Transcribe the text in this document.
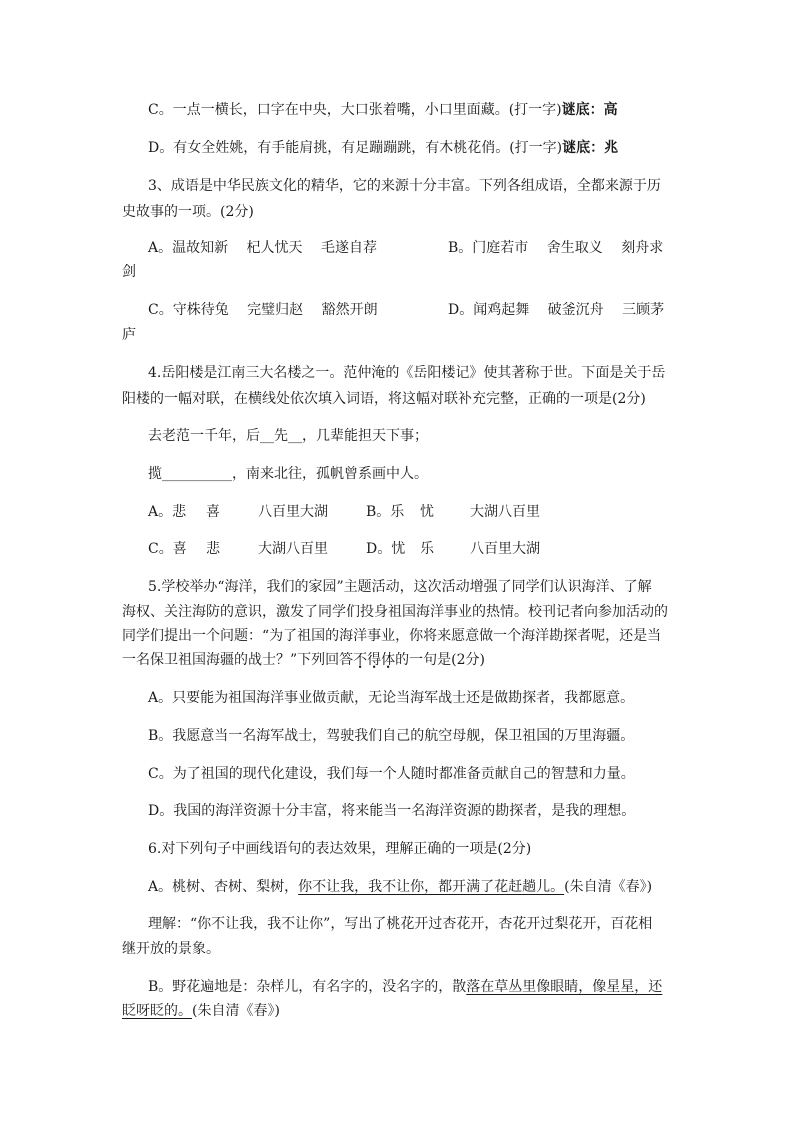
C。一点一横长，口字在中央，大口张着嘴，小口里面藏。(打一字)谜底：高
D。有女全姓姚，有手能肩挑，有足蹦蹦跳，有木桃花俏。(打一字)谜底：兆
3、成语是中华民族文化的精华，它的来源十分丰富。下列各组成语，全都来源于历
史故事的一项。(2分)
A。温故知新　 杞人忧天　 毛遂自荐	B。门庭若市　 舍生取义　 刻舟求
剑
C。守株待兔　 完璧归赵　 豁然开朗	D。闻鸡起舞　 破釜沉舟　 三顾茅
庐
4.岳阳楼是江南三大名楼之一。范仲淹的《岳阳楼记》使其著称于世。下面是关于岳
阳楼的一幅对联，在横线处依次填入词语，将这幅对联补充完整，正确的一项是(2分)
去老范一千年，后__先__，几辈能担天下事；
揽__________，南来北往，孤帆曾系画中人。
A。悲 喜	八百里大湖	B。乐 忧	大湖八百里
C。喜 悲	大湖八百里	D。忧 乐	八百里大湖
5.学校举办“海洋，我们的家园”主题活动，这次活动增强了同学们认识海洋、了解
海权、关注海防的意识，激发了同学们投身祖国海洋事业的热情。校刊记者向参加活动的
同学们提出一个问题：“为了祖国的海洋事业，你将来愿意做一个海洋勘探者呢，还是当
一名保卫祖国海疆的战士？”下列回答不得体的一句是(2分)
A。只要能为祖国海洋事业做贡献，无论当海军战士还是做勘探者，我都愿意。
B。我愿意当一名海军战士，驾驶我们自己的航空母舰，保卫祖国的万里海疆。
C。为了祖国的现代化建设，我们每一个人随时都准备贡献自己的智慧和力量。
D。我国的海洋资源十分丰富，将来能当一名海洋资源的勘探者，是我的理想。
6.对下列句子中画线语句的表达效果，理解正确的一项是(2分)
A。桃树、杏树、梨树，你不让我，我不让你，都开满了花赶趟儿。(朱自清《春》)
理解：“你不让我，我不让你”，写出了桃花开过杏花开，杏花开过梨花开，百花相
继开放的景象。
B。野花遍地是：杂样儿，有名字的，没名字的，散落在草丛里像眼睛，像星星，还
眨呀眨的。(朱自清《春》)
